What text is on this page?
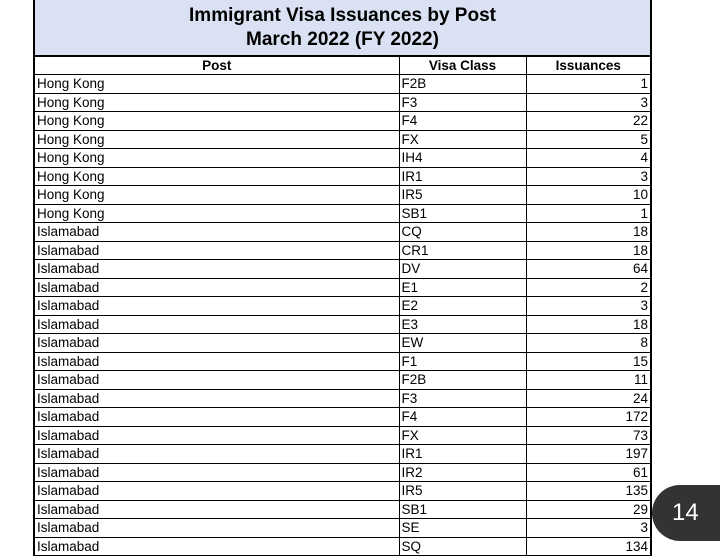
Immigrant Visa Issuances by Post
March 2022 (FY 2022)
Post	Visa Class	Issuances
Hong Kong	F2B	1
Hong Kong	F3	3
Hong Kong	F4	22
Hong Kong	FX	5
Hong Kong	IH4	4
Hong Kong	IR1	3
Hong Kong	IR5	10
Hong Kong	SB1	1
Islamabad	CQ	18
Islamabad	CR1	18
Islamabad	DV	64
Islamabad	E1	2
Islamabad	E2	3
Islamabad	E3	18
Islamabad	EW	8
Islamabad	F1	15
Islamabad	F2B	11
Islamabad	F3	24
Islamabad	F4	172
Islamabad	FX	73
Islamabad	IR1	197
Islamabad	IR2	61
Islamabad	IR5	135
Islamabad	SB1	29
Islamabad	SE	3
Islamabad	SQ	134
14
